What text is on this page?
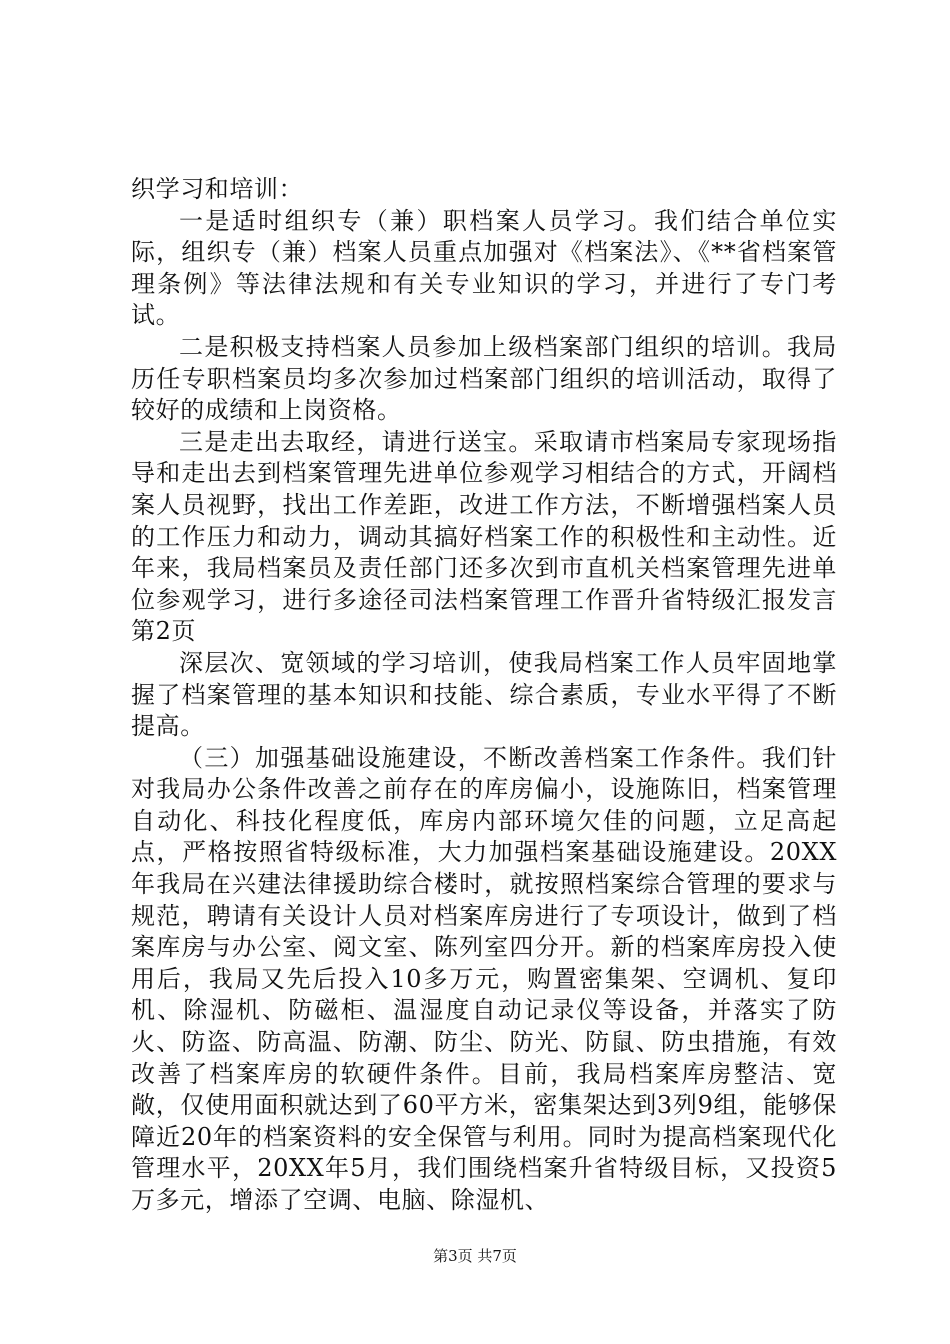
织学习和培训：

一是适时组织专（兼）职档案人员学习。我们结合单位实际，组织专（兼）档案人员重点加强对《档案法》、《**省档案管理条例》等法律法规和有关专业知识的学习，并进行了专门考试。

二是积极支持档案人员参加上级档案部门组织的培训。我局历任专职档案员均多次参加过档案部门组织的培训活动，取得了较好的成绩和上岗资格。

三是走出去取经，请进行送宝。采取请市档案局专家现场指导和走出去到档案管理先进单位参观学习相结合的方式，开阔档案人员视野，找出工作差距，改进工作方法，不断增强档案人员的工作压力和动力，调动其搞好档案工作的积极性和主动性。近年来，我局档案员及责任部门还多次到市直机关档案管理先进单位参观学习，进行多途径司法档案管理工作晋升省特级汇报发言第2页

深层次、宽领域的学习培训，使我局档案工作人员牢固地掌握了档案管理的基本知识和技能、综合素质，专业水平得了不断提高。

（三）加强基础设施建设，不断改善档案工作条件。我们针对我局办公条件改善之前存在的库房偏小，设施陈旧，档案管理自动化、科技化程度低，库房内部环境欠佳的问题，立足高起点，严格按照省特级标准，大力加强档案基础设施建设。20XX年我局在兴建法律援助综合楼时，就按照档案综合管理的要求与规范，聘请有关设计人员对档案库房进行了专项设计，做到了档案库房与办公室、阅文室、陈列室四分开。新的档案库房投入使用后，我局又先后投入10多万元，购置密集架、空调机、复印机、除湿机、防磁柜、温湿度自动记录仪等设备，并落实了防火、防盗、防高温、防潮、防尘、防光、防鼠、防虫措施，有效改善了档案库房的软硬件条件。目前，我局档案库房整洁、宽敞，仅使用面积就达到了60平方米，密集架达到3列9组，能够保障近20年的档案资料的安全保管与利用。同时为提高档案现代化管理水平，20XX年5月，我们围绕档案升省特级目标，又投资5万多元，增添了空调、电脑、除湿机、

第3页 共7页
